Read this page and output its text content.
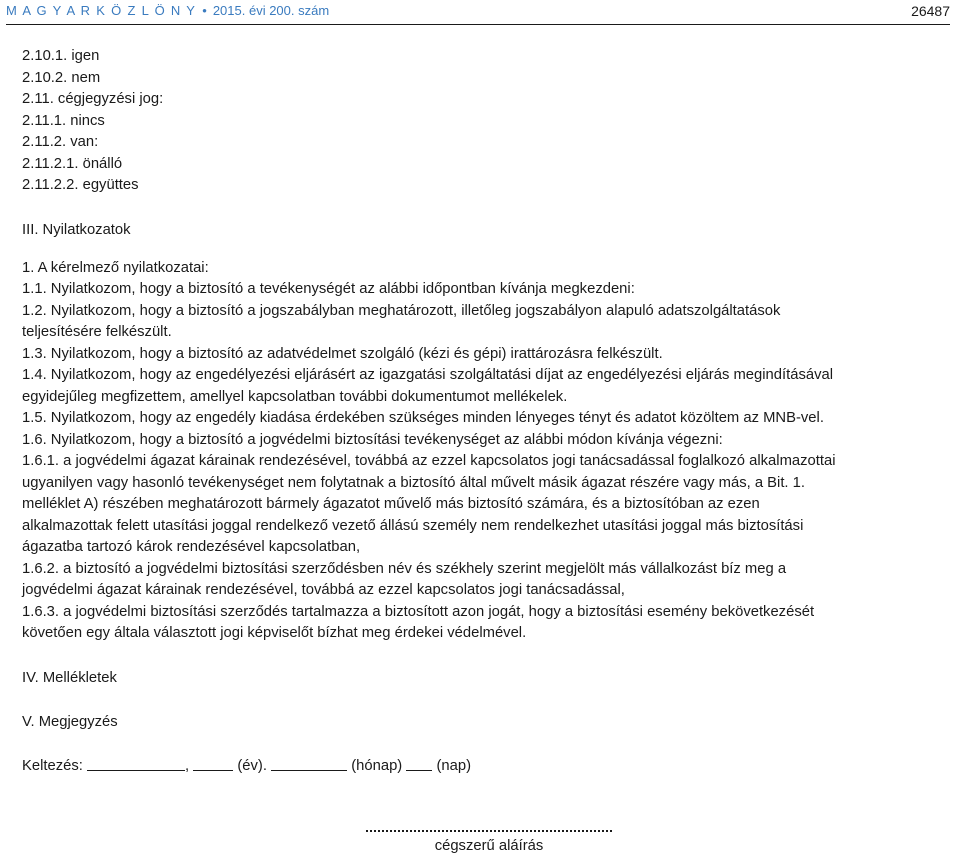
M A G Y A R K Ö Z L Ö N Y • 2015. évi 200. szám	26487
2.10.1. igen
2.10.2. nem
2.11. cégjegyzési jog:
2.11.1. nincs
2.11.2. van:
2.11.2.1. önálló
2.11.2.2. együttes
III. Nyilatkozatok
1. A kérelmező nyilatkozatai:
1.1. Nyilatkozom, hogy a biztosító a tevékenységét az alábbi időpontban kívánja megkezdeni:
1.2. Nyilatkozom, hogy a biztosító a jogszabályban meghatározott, illetőleg jogszabályon alapuló adatszolgáltatások
teljesítésére felkészült.
1.3. Nyilatkozom, hogy a biztosító az adatvédelmet szolgáló (kézi és gépi) irattározásra felkészült.
1.4. Nyilatkozom, hogy az engedélyezési eljárásért az igazgatási szolgáltatási díjat az engedélyezési eljárás megindításával
egyidejűleg megfizettem, amellyel kapcsolatban további dokumentumot mellékelek.
1.5. Nyilatkozom, hogy az engedély kiadása érdekében szükséges minden lényeges tényt és adatot közöltem az MNB-vel.
1.6. Nyilatkozom, hogy a biztosító a jogvédelmi biztosítási tevékenységet az alábbi módon kívánja végezni:
1.6.1. a jogvédelmi ágazat kárainak rendezésével, továbbá az ezzel kapcsolatos jogi tanácsadással foglalkozó alkalmazottai
ugyanilyen vagy hasonló tevékenységet nem folytatnak a biztosító által művelt másik ágazat részére vagy más, a Bit. 1.
melléklet A) részében meghatározott bármely ágazatot művelő más biztosító számára, és a biztosítóban az ezen
alkalmazottak felett utasítási joggal rendelkező vezető állású személy nem rendelkezhet utasítási joggal más biztosítási
ágazatba tartozó károk rendezésével kapcsolatban,
1.6.2. a biztosító a jogvédelmi biztosítási szerződésben név és székhely szerint megjelölt más vállalkozást bíz meg a
jogvédelmi ágazat kárainak rendezésével, továbbá az ezzel kapcsolatos jogi tanácsadással,
1.6.3. a jogvédelmi biztosítási szerződés tartalmazza a biztosított azon jogát, hogy a biztosítási esemény bekövetkezését
követően egy általa választott jogi képviselőt bízhat meg érdekei védelmével.
IV. Mellékletek
V. Megjegyzés
Keltezés:	,	(év).	(hónap) (nap)
cégszerű aláírás
